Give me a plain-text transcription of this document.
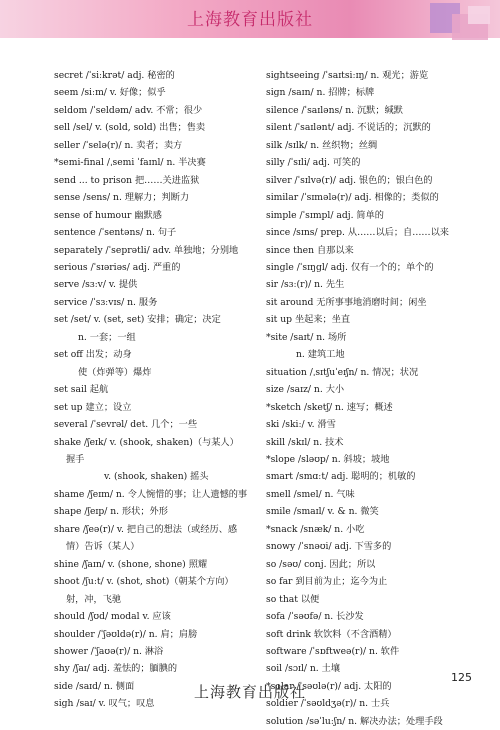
上海教育出版社
secret /ˈsiːkrət/ adj. 秘密的
seem /siːm/ v. 好像；似乎
seldom /ˈseldəm/ adv. 不常；很少
sell /sel/ v. (sold, sold) 出售；售卖
seller /ˈselə(r)/ n. 卖者；卖方
*semi-final /ˌsemi ˈfaɪnl/ n. 半决赛
send ... to prison 把……关进监狱
sense /sens/ n. 理解力；判断力
sense of humour 幽默感
sentence /ˈsentəns/ n. 句子
separately /ˈseprətli/ adv. 单独地；分别地
serious /ˈsɪəriəs/ adj. 严重的
serve /sɜːv/ v. 提供
service /ˈsɜːvɪs/ n. 服务
set /set/ v. (set, set) 安排；确定；决定
n. 一套；一组
set off 出发；动身
使（炸弹等）爆炸
set sail 起航
set up 建立；设立
several /ˈsevrəl/ det. 几个；一些
shake /ʃeɪk/ v. (shook, shaken)（与某人）
握手
v. (shook, shaken) 摇头
shame /ʃeɪm/ n. 令人惋惜的事；让人遗憾的事
shape /ʃeɪp/ n. 形状；外形
share /ʃeə(r)/ v. 把自己的想法（或经历、感
情）告诉（某人）
shine /ʃaɪn/ v. (shone, shone) 照耀
shoot /ʃuːt/ v. (shot, shot)（朝某个方向）
射，冲，飞驰
should /ʃʊd/ modal v. 应该
shoulder /ˈʃəʊldə(r)/ n. 肩；肩膀
shower /ˈʃaʊə(r)/ n. 淋浴
shy /ʃaɪ/ adj. 羞怯的；腼腆的
side /saɪd/ n. 侧面
sigh /saɪ/ v. 叹气；叹息
sightseeing /ˈsaɪtsiːɪŋ/ n. 观光；游览
sign /saɪn/ n. 招牌；标牌
silence /ˈsaɪləns/ n. 沉默；缄默
silent /ˈsaɪlənt/ adj. 不说话的；沉默的
silk /sɪlk/ n. 丝织物；丝绸
silly /ˈsɪli/ adj. 可笑的
silver /ˈsɪlvə(r)/ adj. 银色的；银白色的
similar /ˈsɪmələ(r)/ adj. 相像的；类似的
simple /ˈsɪmpl/ adj. 简单的
since /sɪns/ prep. 从……以后；自……以来
since then 自那以来
single /ˈsɪŋgl/ adj. 仅有一个的；单个的
sir /sɜː(r)/ n. 先生
sit around 无所事事地消磨时间；闲坐
sit up 坐起来；坐直
*site /saɪt/ n. 场所
n. 建筑工地
situation /ˌsɪtʃuˈeɪʃn/ n. 情况；状况
size /saɪz/ n. 大小
*sketch /sketʃ/ n. 速写；概述
ski /skiː/ v. 滑雪
skill /skɪl/ n. 技术
*slope /sləʊp/ n. 斜坡；坡地
smart /smɑːt/ adj. 聪明的；机敏的
smell /smel/ n. 气味
smile /smaɪl/ v. & n. 微笑
*snack /snæk/ n. 小吃
snowy /ˈsnəʊi/ adj. 下雪多的
so /səʊ/ conj. 因此；所以
so far 到目前为止；迄今为止
so that 以便
sofa /ˈsəʊfə/ n. 长沙发
soft drink 软饮料（不含酒精）
software /ˈsɒftweə(r)/ n. 软件
soil /sɔɪl/ n. 土壤
*solar /ˈsəʊlə(r)/ adj. 太阳的
soldier /ˈsəʊldʒə(r)/ n. 士兵
solution /səˈluːʃn/ n. 解决办法；处理手段
125
上海教育出版社
